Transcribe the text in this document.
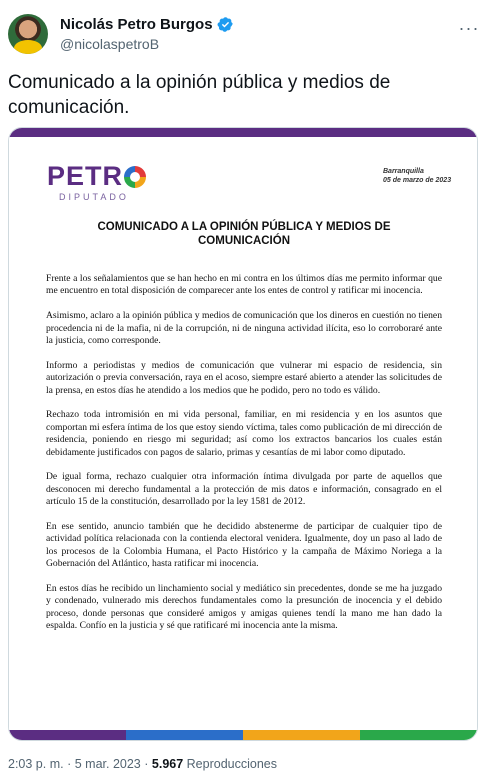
Nicolás Petro Burgos
@nicolaspetroB
···
Comunicado a la opinión pública y medios de comunicación.
PETR
DIPUTADO
Barranquilla
05 de marzo de 2023
COMUNICADO A LA OPINIÓN PÚBLICA Y MEDIOS DE COMUNICACIÓN

Frente a los señalamientos que se han hecho en mi contra en los últimos días me permito informar que me encuentro en total disposición de comparecer ante los entes de control y ratificar mi inocencia.

Asimismo, aclaro a la opinión pública y medios de comunicación que los dineros en cuestión no tienen procedencia ni de la mafia, ni de la corrupción, ni de ninguna actividad ilícita, eso lo corroboraré ante la justicia, como corresponde.

Informo a periodistas y medios de comunicación que vulnerar mi espacio de residencia, sin autorización o previa conversación, raya en el acoso, siempre estaré abierto a atender las solicitudes de la prensa, en estos días he atendido a los medios que he podido, pero no todo es válido.

Rechazo toda intromisión en mi vida personal, familiar, en mi residencia y en los asuntos que comportan mi esfera íntima de los que estoy siendo víctima, tales como publicación de mi dirección de residencia, poniendo en riesgo mi seguridad; así como los extractos bancarios los cuales están debidamente justificados con pagos de salario, primas y cesantías de mi labor como diputado.

De igual forma, rechazo cualquier otra información íntima divulgada por parte de aquellos que desconocen mi derecho fundamental a la protección de mis datos e información, consagrado en el artículo 15 de la constitución, desarrollado por la ley 1581 de 2012.

En ese sentido, anuncio también que he decidido abstenerme de participar de cualquier tipo de actividad política relacionada con la contienda electoral venidera. Igualmente, doy un paso al lado de los procesos de la Colombia Humana, el Pacto Histórico y la campaña de Máximo Noriega a la Gobernación del Atlántico, hasta ratificar mi inocencia.

En estos días he recibido un linchamiento social y mediático sin precedentes, donde se me ha juzgado y condenado, vulnerado mis derechos fundamentales como la presunción de inocencia y el debido proceso, donde personas que consideré amigos y amigas quienes tendí la mano me han dado la espalda. Confío en la justicia y sé que ratificaré mi inocencia ante la misma.

2:03 p. m. · 5 mar. 2023 · 5.967 Reproducciones
